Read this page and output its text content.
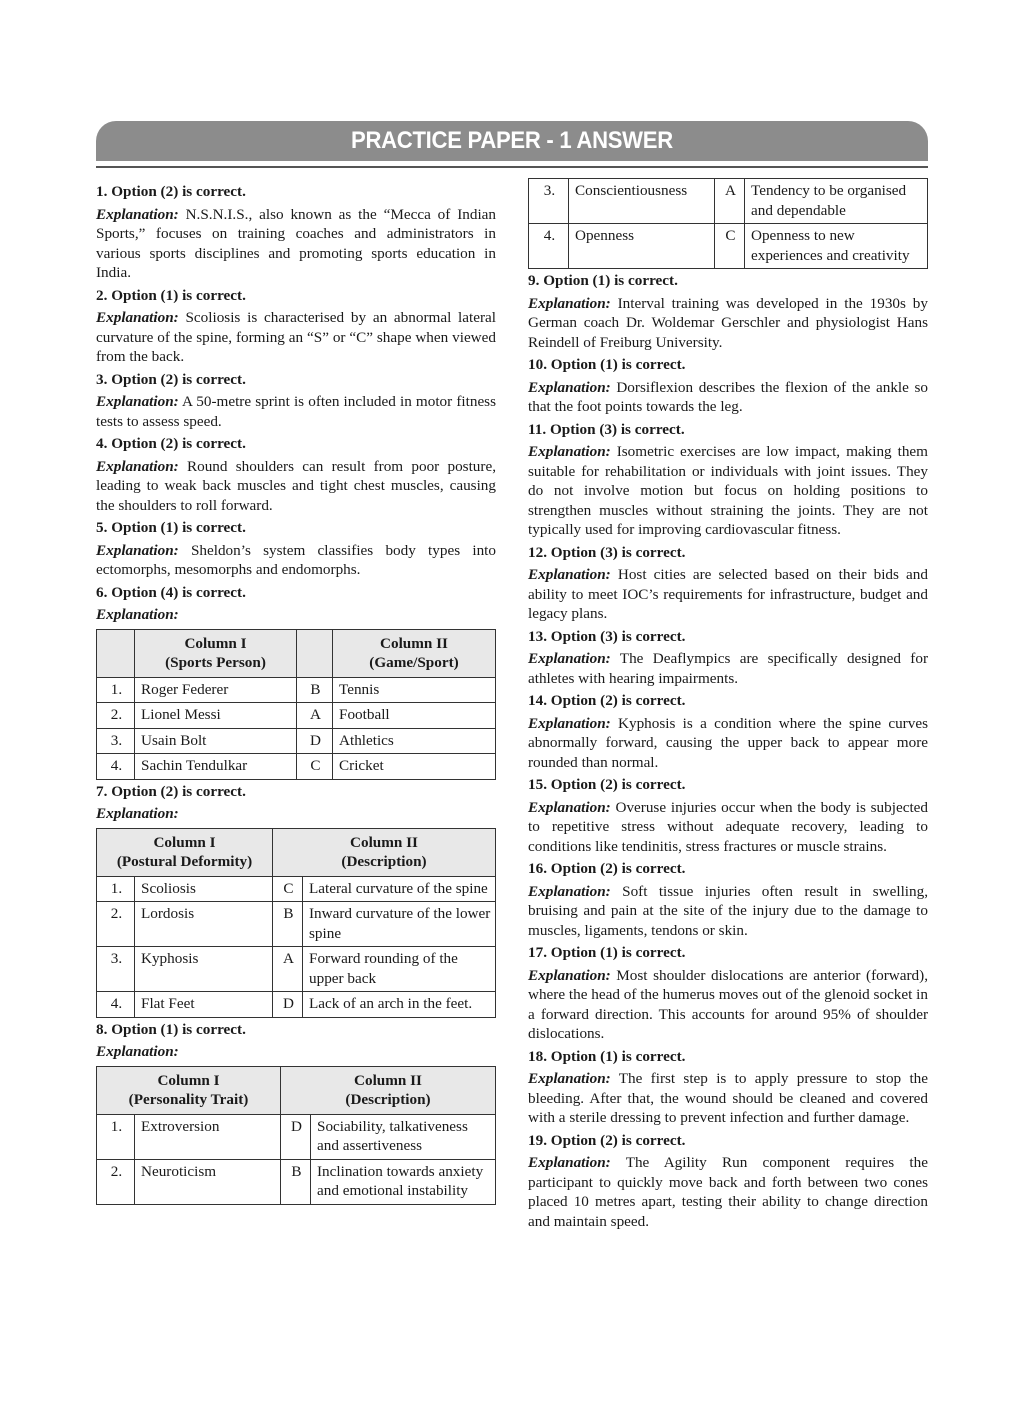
PRACTICE PAPER - 1 ANSWER

1. Option (2) is correct.

Explanation: N.S.N.I.S., also known as the “Mecca of Indian Sports,” focuses on training coaches and administrators in various sports disciplines and promoting sports education in India.

2. Option (1) is correct.

Explanation: Scoliosis is characterised by an abnormal lateral curvature of the spine, forming an “S” or “C” shape when viewed from the back.

3. Option (2) is correct.

Explanation: A 50-metre sprint is often included in motor fitness tests to assess speed.

4. Option (2) is correct.

Explanation: Round shoulders can result from poor posture, leading to weak back muscles and tight chest muscles, causing the shoulders to roll forward.

5. Option (1) is correct.

Explanation: Sheldon’s system classifies body types into ectomorphs, mesomorphs and endomorphs.

6. Option (4) is correct.

Explanation:

	Column I
(Sports Person)		Column II
(Game/Sport)
1.	Roger Federer	B	Tennis
2.	Lionel Messi	A	Football
3.	Usain Bolt	D	Athletics
4.	Sachin Tendulkar	C	Cricket

7. Option (2) is correct.

Explanation:

Column I
(Postural Deformity)		Column II
(Description)	
1.	Scoliosis	C	Lateral curvature of the spine
2.	Lordosis	B	Inward curvature of the lower spine
3.	Kyphosis	A	Forward rounding of the upper back
4.	Flat Feet	D	Lack of an arch in the feet.

8. Option (1) is correct.

Explanation:

Column I
(Personality Trait)		Column II
(Description)	
1.	Extroversion	D	Sociability, talkativeness and assertiveness
2.	Neuroticism	B	Inclination towards anxiety and emotional instability
3.	Conscientiousness	A	Tendency to be organised and dependable
4.	Openness	C	Openness to new experiences and creativity

9. Option (1) is correct.

Explanation: Interval training was developed in the 1930s by German coach Dr. Woldemar Gerschler and physiologist Hans Reindell of Freiburg University.

10. Option (1) is correct.

Explanation: Dorsiflexion describes the flexion of the ankle so that the foot points towards the leg.

11. Option (3) is correct.

Explanation: Isometric exercises are low impact, making them suitable for rehabilitation or individuals with joint issues. They do not involve motion but focus on holding positions to strengthen muscles without straining the joints. They are not typically used for improving cardiovascular fitness.

12. Option (3) is correct.

Explanation: Host cities are selected based on their bids and ability to meet IOC’s requirements for infrastructure, budget and legacy plans.

13. Option (3) is correct.

Explanation: The Deaflympics are specifically designed for athletes with hearing impairments.

14. Option (2) is correct.

Explanation: Kyphosis is a condition where the spine curves abnormally forward, causing the upper back to appear more rounded than normal.

15. Option (2) is correct.

Explanation: Overuse injuries occur when the body is subjected to repetitive stress without adequate recovery, leading to conditions like tendinitis, stress fractures or muscle strains.

16. Option (2) is correct.

Explanation: Soft tissue injuries often result in swelling, bruising and pain at the site of the injury due to the damage to muscles, ligaments, tendons or skin.

17. Option (1) is correct.

Explanation: Most shoulder dislocations are anterior (forward), where the head of the humerus moves out of the glenoid socket in a forward direction. This accounts for around 95% of shoulder dislocations.

18. Option (1) is correct.

Explanation: The first step is to apply pressure to stop the bleeding. After that, the wound should be cleaned and covered with a sterile dressing to prevent infection and further damage.

19. Option (2) is correct.

Explanation: The Agility Run component requires the participant to quickly move back and forth between two cones placed 10 metres apart, testing their ability to change direction and maintain speed.
